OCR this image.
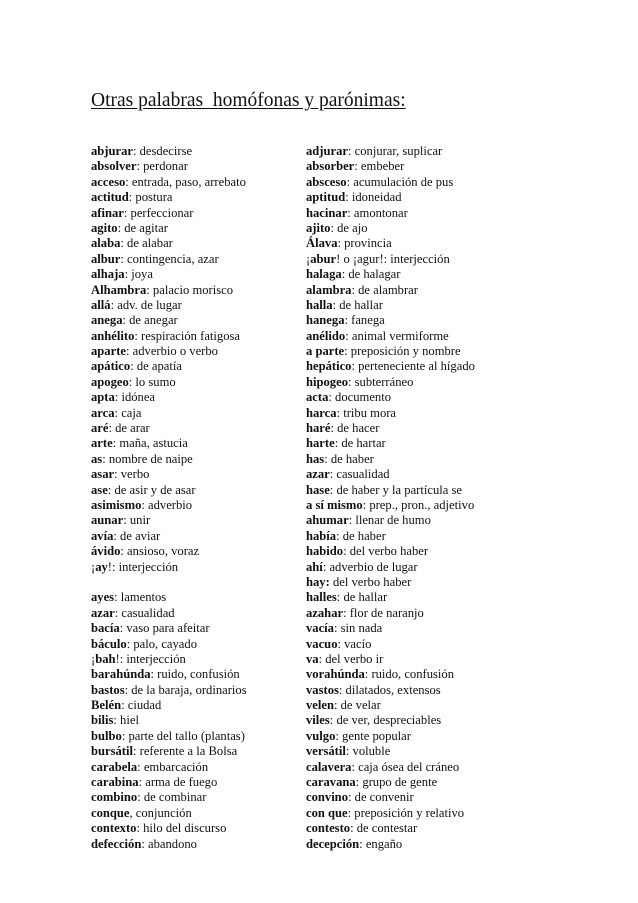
Otras palabras  homófonas y parónimas:
abjurar: desdecirse
absolver: perdonar
acceso: entrada, paso, arrebato
actitud: postura
afinar: perfeccionar
agito: de agitar
alaba: de alabar
albur: contingencia, azar
alhaja: joya
Alhambra: palacio morisco
allá: adv. de lugar
anega: de anegar
anhélito: respiración fatigosa
aparte: adverbio o verbo
apático: de apatía
apogeo: lo sumo
apta: idónea
arca: caja
aré: de arar
arte: maña, astucia
as: nombre de naipe
asar: verbo
ase: de asir y de asar
asimismo: adverbio
aunar: unir
avía: de aviar
ávido: ansioso, voraz
¡ay!: interjección
ayes: lamentos
azar: casualidad
bacía: vaso para afeitar
báculo: palo, cayado
¡bah!: interjección
barahúnda: ruido, confusión
bastos: de la baraja, ordinarios
Belén: ciudad
bilis: hiel
bulbo: parte del tallo (plantas)
bursátil: referente a la Bolsa
carabela: embarcación
carabina: arma de fuego
combino: de combinar
conque, conjunción
contexto: hilo del discurso
defección: abandono
adjurar: conjurar, suplicar
absorber: embeber
absceso: acumulación de pus
aptitud: idoneidad
hacinar: amontonar
ajito: de ajo
Álava: provincia
¡abur! o ¡agur!: interjección
halaga: de halagar
alambra: de alambrar
halla: de hallar
hanega: fanega
anélido: animal vermiforme
a parte: preposición y nombre
hepático: perteneciente al hígado
hipogeo: subterráneo
acta: documento
harca: tribu mora
haré: de hacer
harte: de hartar
has: de haber
azar: casualidad
hase: de haber y la partícula se
a sí mismo: prep., pron., adjetivo
ahumar: llenar de humo
había: de haber
habido: del verbo haber
ahí: adverbio de lugar
hay: del verbo haber
halles: de hallar
azahar: flor de naranjo
vacía: sin nada
vacuo: vacío
va: del verbo ir
vorahúnda: ruido, confusión
vastos: dilatados, extensos
velen: de velar
viles: de ver, despreciables
vulgo: gente popular
versátil: voluble
calavera: caja ósea del cráneo
caravana: grupo de gente
convino: de convenir
con que: preposición y relativo
contesto: de contestar
decepción: engaño
